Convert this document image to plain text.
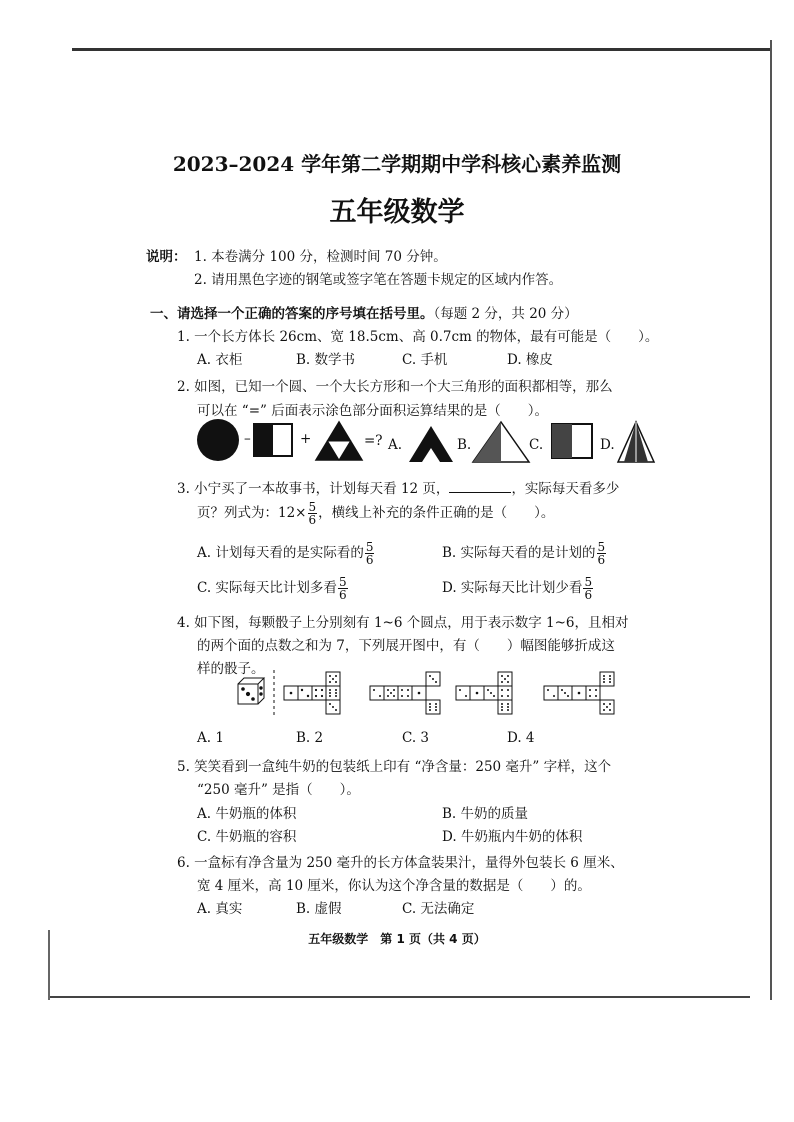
2023–2024 学年第二学期期中学科核心素养监测
五年级数学
说明： 1. 本卷满分 100 分，检测时间 70 分钟。
2. 请用黑色字迹的钢笔或签字笔在答题卡规定的区域内作答。
一、请选择一个正确的答案的序号填在括号里。（每题 2 分，共 20 分）
1. 一个长方体长 26cm、宽 18.5cm、高 0.7cm 的物体，最有可能是（　　）。
A. 衣柜	B. 数学书	C. 手机	D. 橡皮
2. 如图，已知一个圆、一个大长方形和一个大三角形的面积都相等，那么
可以在 “=” 后面表示涂色部分面积运算结果的是（　　）。
–	+	=? A.	B.	C.	D.
3. 小宁买了一本故事书，计划每天看 12 页，	，实际每天看多少
页？列式为：$12\times \frac{5}{6}$ ，横线上补充的条件正确的是（　　）。
A. 计划每天看的是实际看的 $\frac{5}{6}$	B. 实际每天看的是计划的 $\frac{5}{6}$
C. 实际每天比计划多看 $\frac{5}{6}$	D. 实际每天比计划少看 $\frac{5}{6}$
4. 如下图，每颗骰子上分别刻有 1~6 个圆点，用于表示数字 1~6，且相对
的两个面的点数之和为 7，下列展开图中，有（　　）幅图能够折成这
样的骰子。
A. 1	B. 2	C. 3	D. 4
5. 笑笑看到一盒纯牛奶的包装纸上印有 “净含量：250 毫升” 字样，这个
“250 毫升” 是指（　　）。
A. 牛奶瓶的体积	B. 牛奶的质量
C. 牛奶瓶的容积	D. 牛奶瓶内牛奶的体积
6. 一盒标有净含量为 250 毫升的长方体盒装果汁，量得外包装长 6 厘米、
宽 4 厘米，高 10 厘米，你认为这个净含量的数据是（　　）的。
A. 真实	B. 虚假	C. 无法确定
五年级数学　第 1 页（共 4 页）
